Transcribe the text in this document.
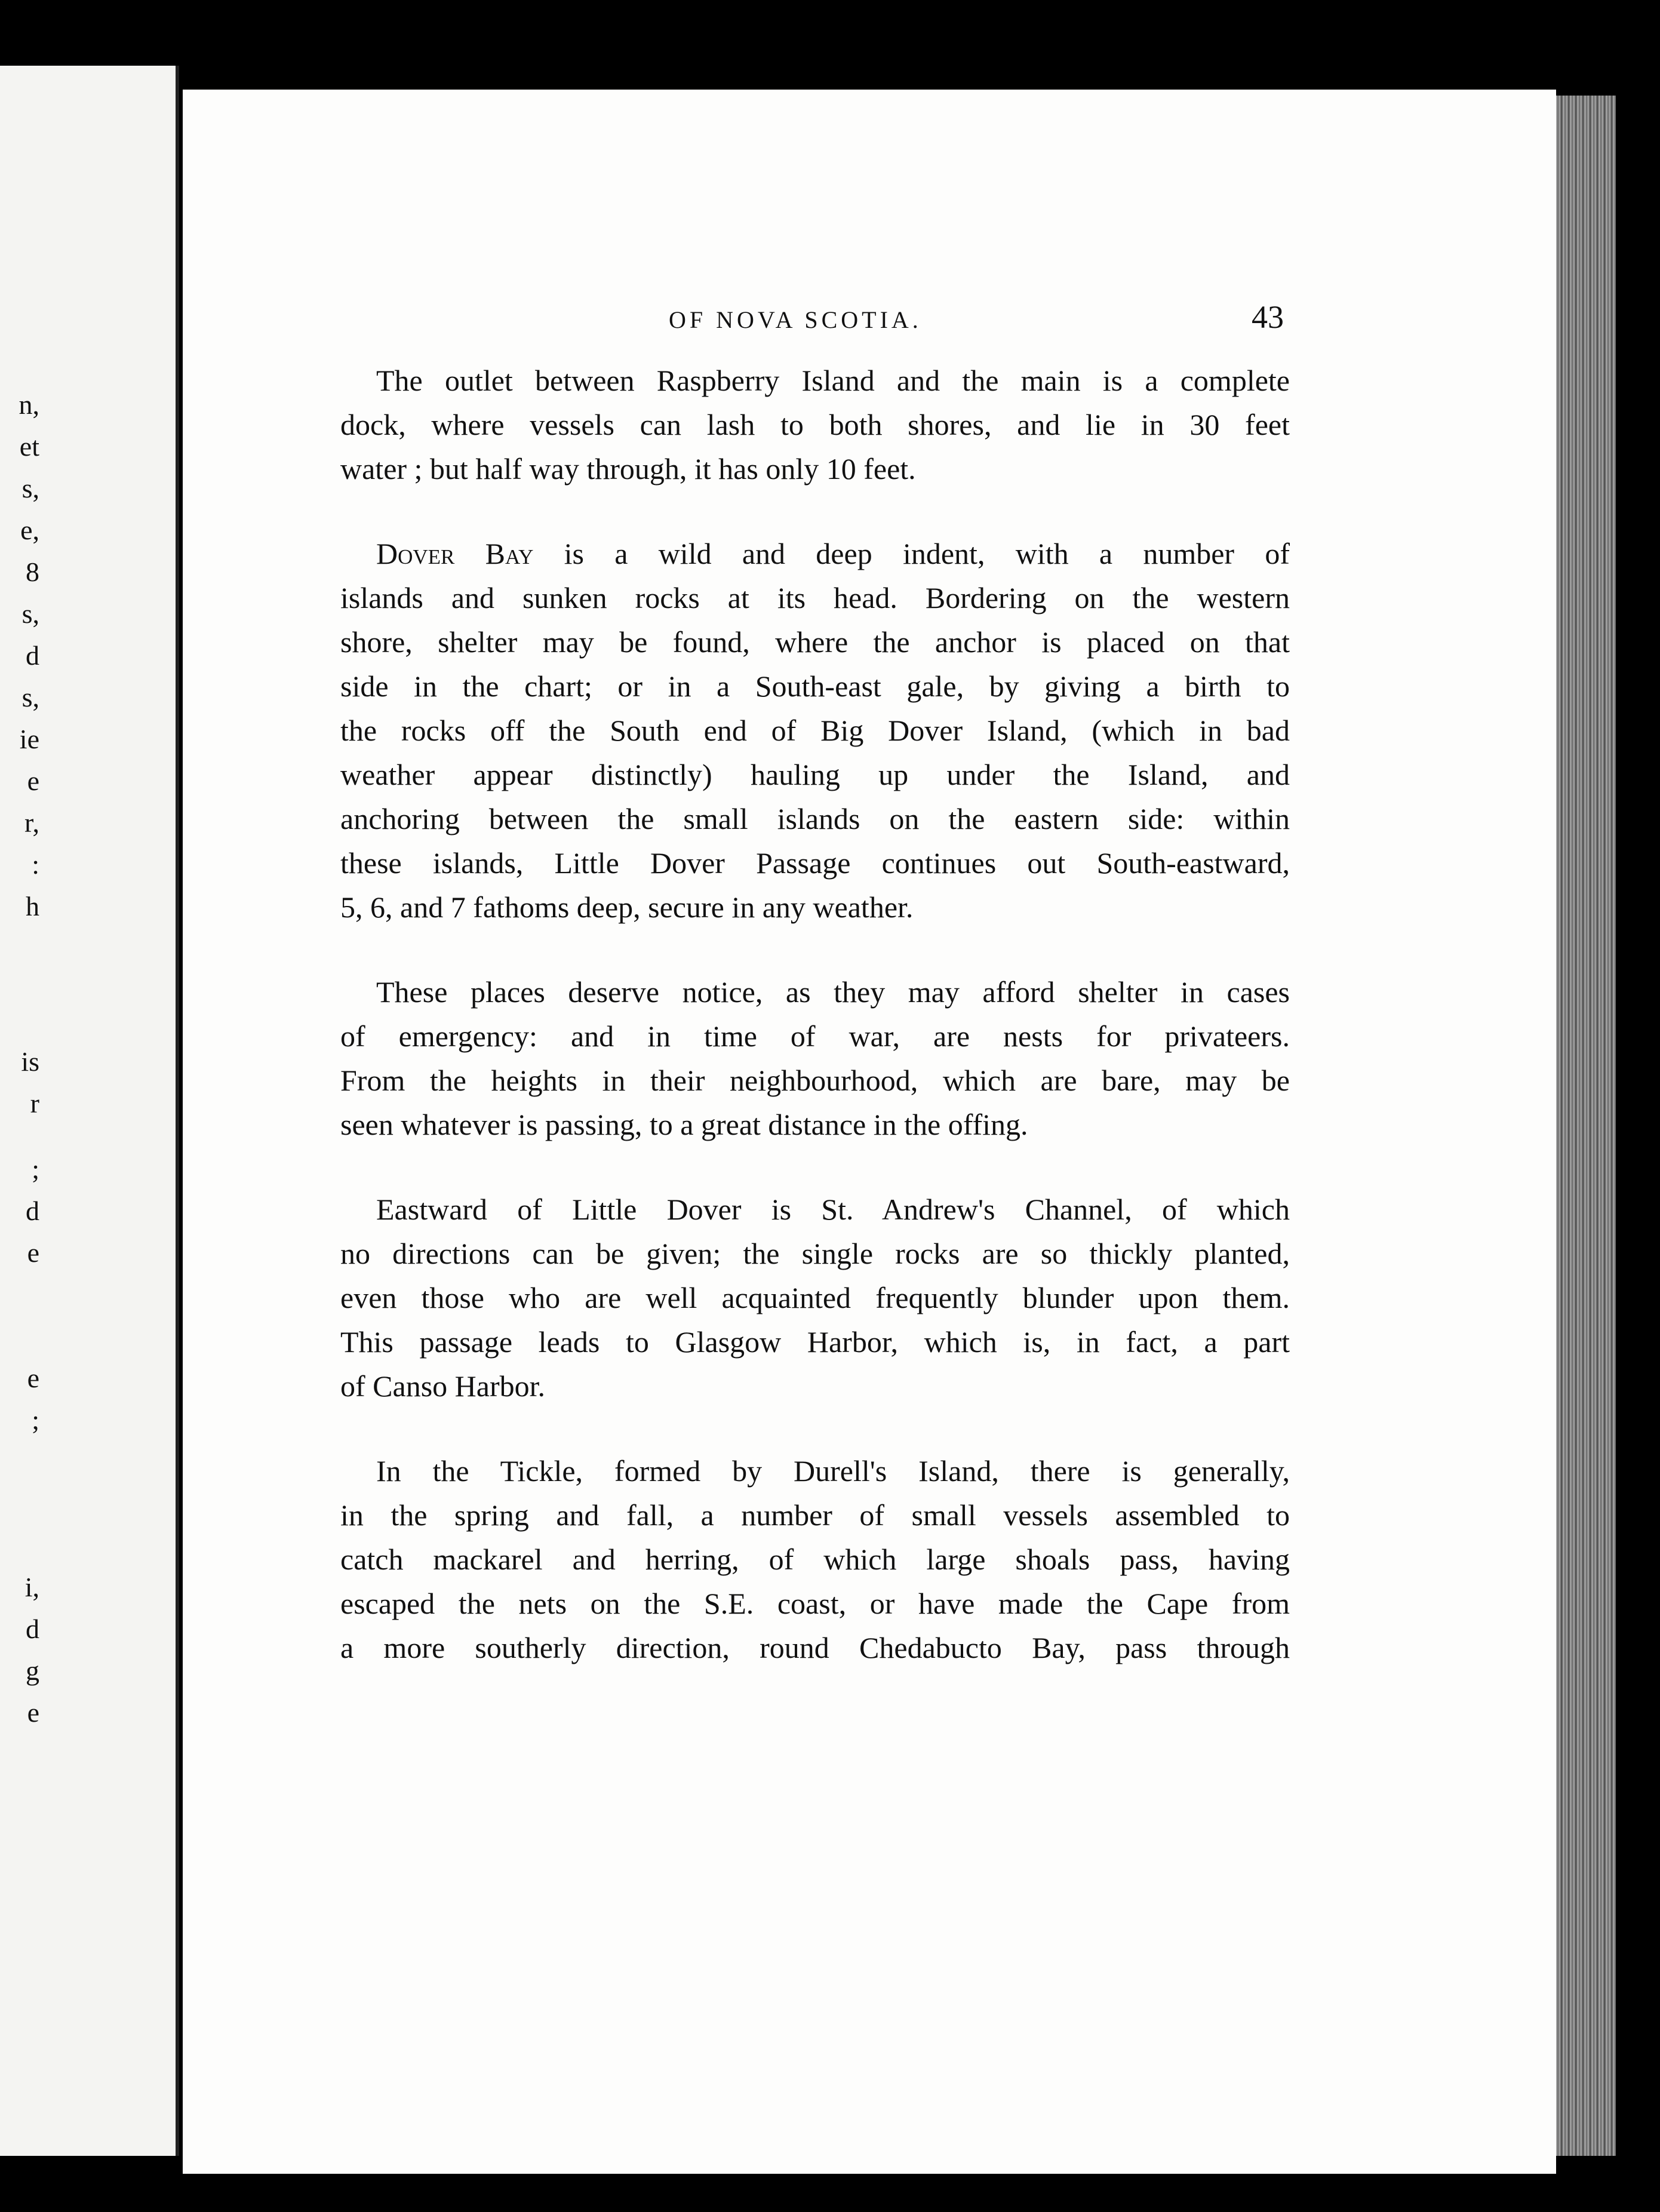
n,
et
s,
e,
8
s,
d
s,
ie
e
r,
:
h
is
r
;
d
e
e
;
i,
d
g
e
OF NOVA SCOTIA.	43
The outlet between Raspberry Island and the main is a complete
dock, where vessels can lash to both shores, and lie in 30 feet
water ; but half way through, it has only 10 feet.
Dover Bay is a wild and deep indent, with a number of
islands and sunken rocks at its head. Bordering on the western
shore, shelter may be found, where the anchor is placed on that
side in the chart; or in a South-east gale, by giving a birth to
the rocks off the South end of Big Dover Island, (which in bad
weather appear distinctly) hauling up under the Island, and
anchoring between the small islands on the eastern side: within
these islands, Little Dover Passage continues out South-eastward,
5, 6, and 7 fathoms deep, secure in any weather.
These places deserve notice, as they may afford shelter in cases
of emergency: and in time of war, are nests for privateers.
From the heights in their neighbourhood, which are bare, may be
seen whatever is passing, to a great distance in the offing.
Eastward of Little Dover is St. Andrew's Channel, of which
no directions can be given; the single rocks are so thickly planted,
even those who are well acquainted frequently blunder upon them.
This passage leads to Glasgow Harbor, which is, in fact, a part
of Canso Harbor.
In the Tickle, formed by Durell's Island, there is generally,
in the spring and fall, a number of small vessels assembled to
catch mackarel and herring, of which large shoals pass, having
escaped the nets on the S.E. coast, or have made the Cape from
a more southerly direction, round Chedabucto Bay, pass through
